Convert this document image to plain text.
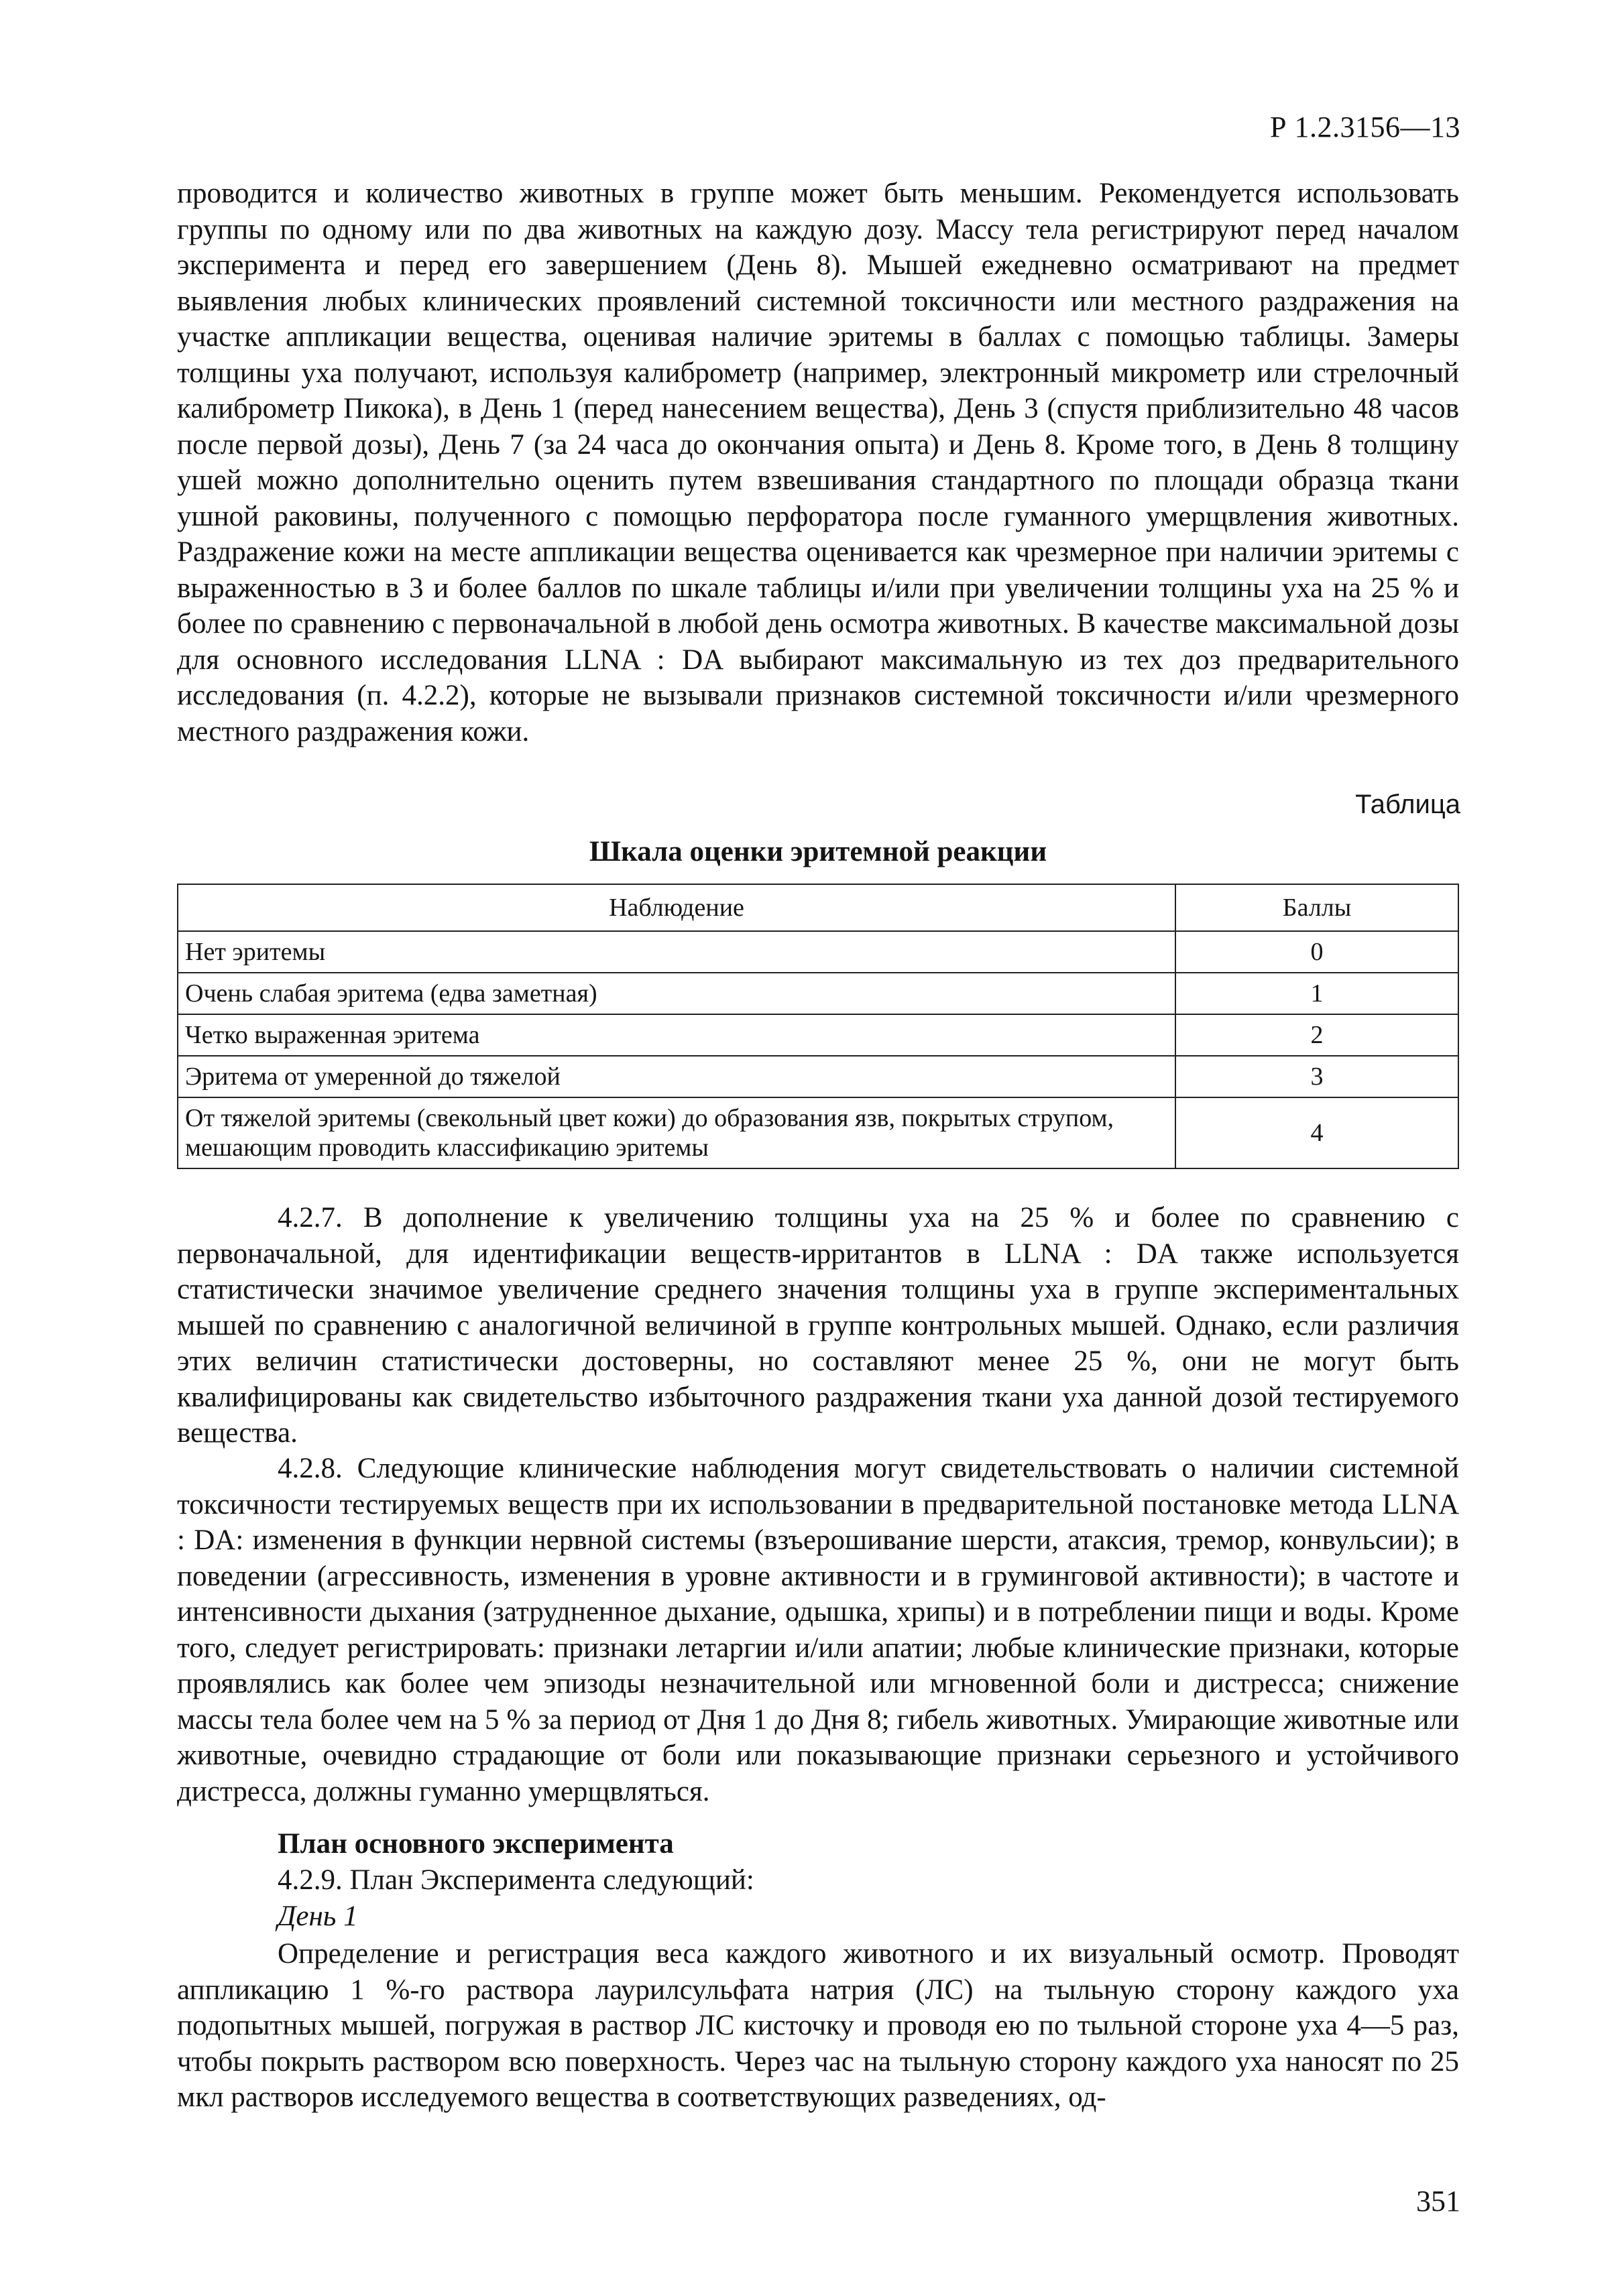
Р 1.2.3156—13

проводится и количество животных в группе может быть меньшим. Рекомендуется использовать группы по одному или по два животных на каждую дозу. Массу тела регистрируют перед началом эксперимента и перед его завершением (День 8). Мышей ежедневно осматривают на предмет выявления любых клинических проявлений системной токсичности или местного раздражения на участке аппликации вещества, оценивая наличие эритемы в баллах с помощью таблицы. Замеры толщины уха получают, используя калиброметр (например, электронный микрометр или стрелочный калиброметр Пикока), в День 1 (перед нанесением вещества), День 3 (спустя приблизительно 48 часов после первой дозы), День 7 (за 24 часа до окончания опыта) и День 8. Кроме того, в День 8 толщину ушей можно дополнительно оценить путем взвешивания стандартного по площади образца ткани ушной раковины, полученного с помощью перфоратора после гуманного умерщвления животных. Раздражение кожи на месте аппликации вещества оценивается как чрезмерное при наличии эритемы с выраженностью в 3 и более баллов по шкале таблицы и/или при увеличении толщины уха на 25 % и более по сравнению с первоначальной в любой день осмотра животных. В качестве максимальной дозы для основного исследования LLNA : DA выбирают максимальную из тех доз предварительного исследования (п. 4.2.2), которые не вызывали признаков системной токсичности и/или чрезмерного местного раздражения кожи.

Таблица
Шкала оценки эритемной реакции
Наблюдение	Баллы
Нет эритемы	0
Очень слабая эритема (едва заметная)	1
Четко выраженная эритема	2
Эритема от умеренной до тяжелой	3
От тяжелой эритемы (свекольный цвет кожи) до образования язв, покрытых струпом, мешающим проводить классификацию эритемы	4

4.2.7. В дополнение к увеличению толщины уха на 25 % и более по сравнению с первоначальной, для идентификации веществ-ирритантов в LLNA : DA также используется статистически значимое увеличение среднего значения толщины уха в группе экспериментальных мышей по сравнению с аналогичной величиной в группе контрольных мышей. Однако, если различия этих величин статистически достоверны, но составляют менее 25 %, они не могут быть квалифицированы как свидетельство избыточного раздражения ткани уха данной дозой тестируемого вещества.

4.2.8. Следующие клинические наблюдения могут свидетельствовать о наличии системной токсичности тестируемых веществ при их использовании в предварительной постановке метода LLNA : DA: изменения в функции нервной системы (взъерошивание шерсти, атаксия, тремор, конвульсии); в поведении (агрессивность, изменения в уровне активности и в груминговой активности); в частоте и интенсивности дыхания (затрудненное дыхание, одышка, хрипы) и в потреблении пищи и воды. Кроме того, следует регистрировать: признаки летаргии и/или апатии; любые клинические признаки, которые проявлялись как более чем эпизоды незначительной или мгновенной боли и дистресса; снижение массы тела более чем на 5 % за период от Дня 1 до Дня 8; гибель животных. Умирающие животные или животные, очевидно страдающие от боли или показывающие признаки серьезного и устойчивого дистресса, должны гуманно умерщвляться.

План основного эксперимента
4.2.9. План Эксперимента следующий:
День 1

Определение и регистрация веса каждого животного и их визуальный осмотр. Проводят аппликацию 1 %-го раствора лаурилсульфата натрия (ЛС) на тыльную сторону каждого уха подопытных мышей, погружая в раствор ЛС кисточку и проводя ею по тыльной стороне уха 4—5 раз, чтобы покрыть раствором всю поверхность. Через час на тыльную сторону каждого уха наносят по 25 мкл растворов исследуемого вещества в соответствующих разведениях, од-

351
